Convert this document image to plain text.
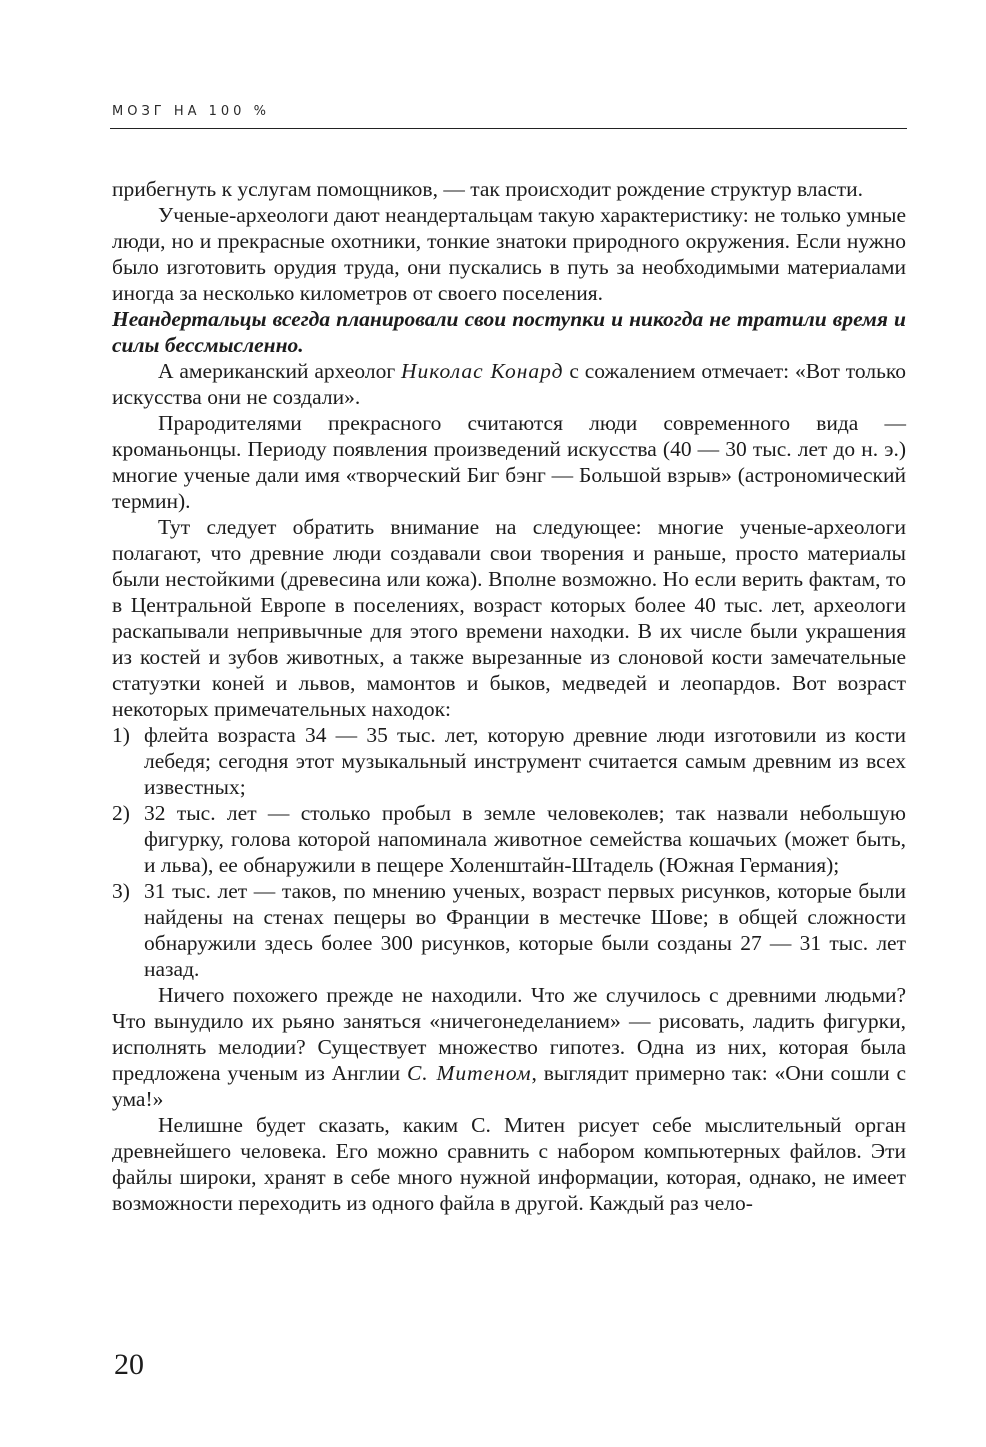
МОЗГ НА 100 %

прибегнуть к услугам помощников, — так происходит рождение структур власти.

Ученые-археологи дают неандертальцам такую характеристику: не только умные люди, но и прекрасные охотники, тонкие знатоки природного окружения. Если нужно было изготовить орудия труда, они пускались в путь за необходимыми материалами иногда за несколько километров от своего поселения.

Неандертальцы всегда планировали свои поступки и никогда не тратили время и силы бессмысленно.

А американский археолог Николас Конард с сожалением отмечает: «Вот только искусства они не создали».

Прародителями прекрасного считаются люди современного вида — кроманьонцы. Периоду появления произведений искусства (40 — 30 тыс. лет до н. э.) многие ученые дали имя «творческий Биг бэнг — Большой взрыв» (астрономический термин).

Тут следует обратить внимание на следующее: многие ученые-археологи полагают, что древние люди создавали свои творения и раньше, просто материалы были нестойкими (древесина или кожа). Вполне возможно. Но если верить фактам, то в Центральной Европе в поселениях, возраст которых более 40 тыс. лет, археологи раскапывали непривычные для этого времени находки. В их числе были украшения из костей и зубов животных, а также вырезанные из слоновой кости замечательные статуэтки коней и львов, мамонтов и быков, медведей и леопардов. Вот возраст некоторых примечательных находок:

1) флейта возраста 34 — 35 тыс. лет, которую древние люди изготовили из кости лебедя; сегодня этот музыкальный инструмент считается самым древним из всех известных;
2) 32 тыс. лет — столько пробыл в земле человеколев; так назвали небольшую фигурку, голова которой напоминала животное семейства кошачьих (может быть, и льва), ее обнаружили в пещере Холенштайн-Штадель (Южная Германия);
3) 31 тыс. лет — таков, по мнению ученых, возраст первых рисунков, которые были найдены на стенах пещеры во Франции в местечке Шове; в общей сложности обнаружили здесь более 300 рисунков, которые были созданы 27 — 31 тыс. лет назад.

Ничего похожего прежде не находили. Что же случилось с древними людьми? Что вынудило их рьяно заняться «ничегонеделанием» — рисовать, ладить фигурки, исполнять мелодии? Существует множество гипотез. Одна из них, которая была предложена ученым из Англии С. Митеном, выглядит примерно так: «Они сошли с ума!»

Нелишне будет сказать, каким С. Митен рисует себе мыслительный орган древнейшего человека. Его можно сравнить с набором компьютерных файлов. Эти файлы широки, хранят в себе много нужной информации, которая, однако, не имеет возможности переходить из одного файла в другой. Каждый раз чело-

20
